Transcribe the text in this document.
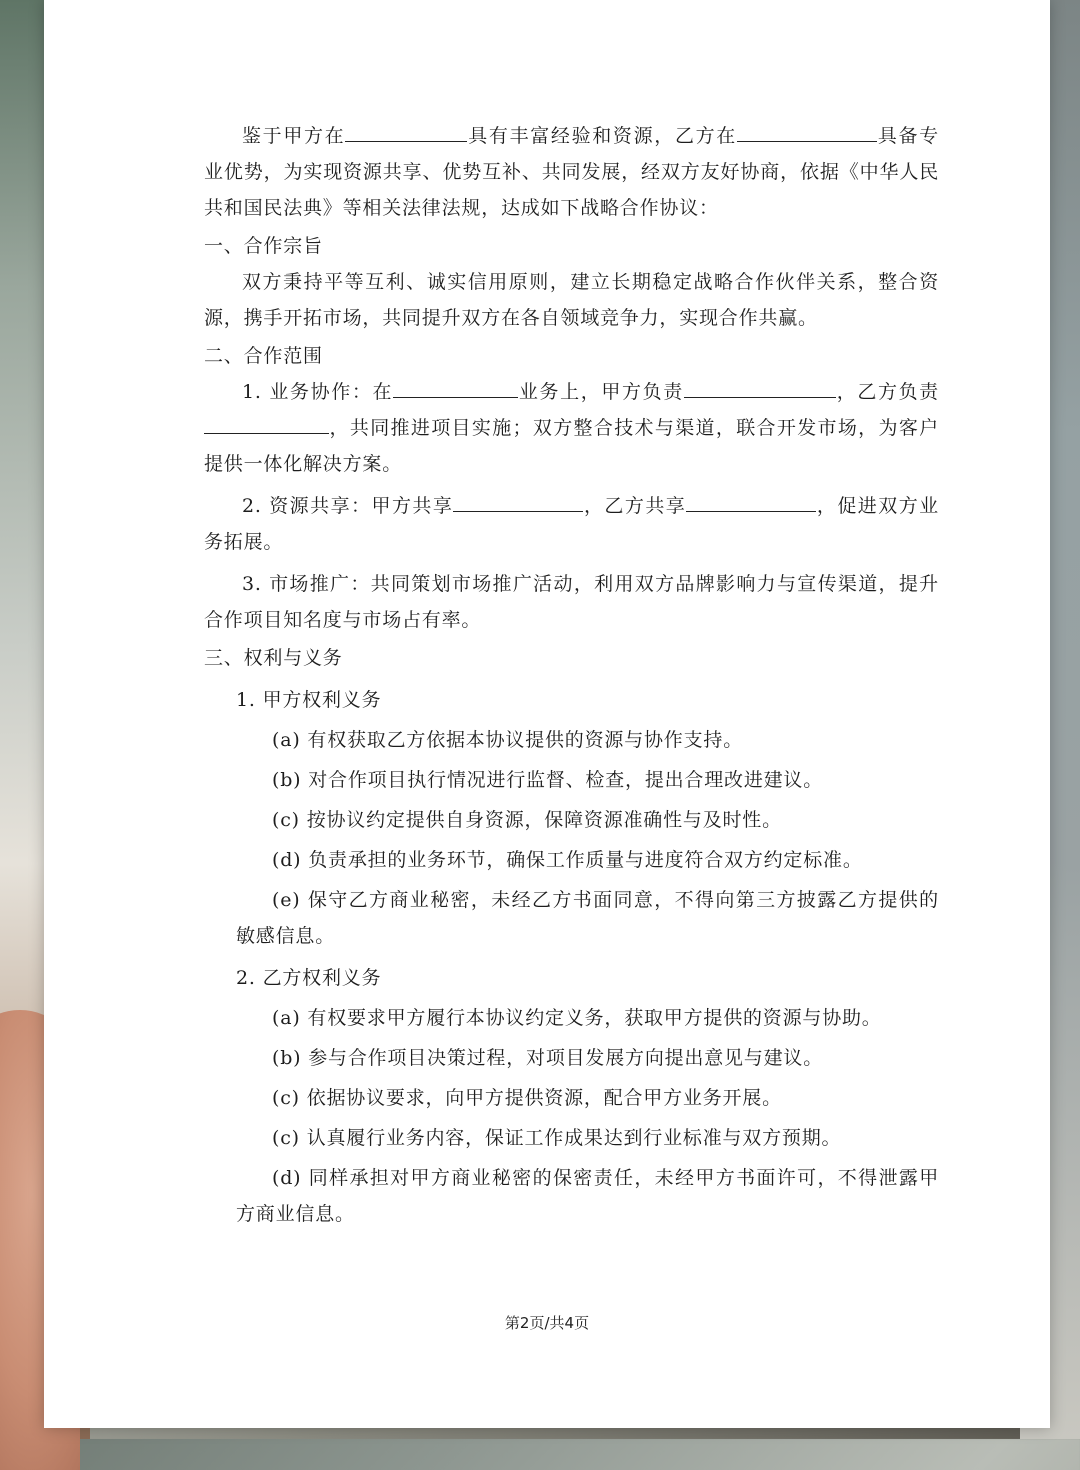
鉴于甲方在	具有丰富经验和资源，乙方在	具备专业优势，为实现资源共享、优势互补、共同发展，经双方友好协商，依据《中华人民共和国民法典》等相关法律法规，达成如下战略合作协议：

一、合作宗旨

双方秉持平等互利、诚实信用原则，建立长期稳定战略合作伙伴关系，整合资源，携手开拓市场，共同提升双方在各自领域竞争力，实现合作共赢。

二、合作范围

1. 业务协作：在	业务上，甲方负责	，乙方负责，共同推进项目实施；双方整合技术与渠道，联合开发市场，为客户提供一体化解决方案。

2. 资源共享：甲方共享	，乙方共享	，促进双方业务拓展。

3. 市场推广：共同策划市场推广活动，利用双方品牌影响力与宣传渠道，提升合作项目知名度与市场占有率。

三、权利与义务

1. 甲方权利义务

(a) 有权获取乙方依据本协议提供的资源与协作支持。

(b) 对合作项目执行情况进行监督、检查，提出合理改进建议。

(c) 按协议约定提供自身资源，保障资源准确性与及时性。

(d) 负责承担的业务环节，确保工作质量与进度符合双方约定标准。

(e) 保守乙方商业秘密，未经乙方书面同意，不得向第三方披露乙方提供的敏感信息。

2. 乙方权利义务

(a) 有权要求甲方履行本协议约定义务，获取甲方提供的资源与协助。

(b) 参与合作项目决策过程，对项目发展方向提出意见与建议。

(c) 依据协议要求，向甲方提供资源，配合甲方业务开展。

(c) 认真履行业务内容，保证工作成果达到行业标准与双方预期。

(d) 同样承担对甲方商业秘密的保密责任，未经甲方书面许可，不得泄露甲方商业信息。

第2页/共4页
